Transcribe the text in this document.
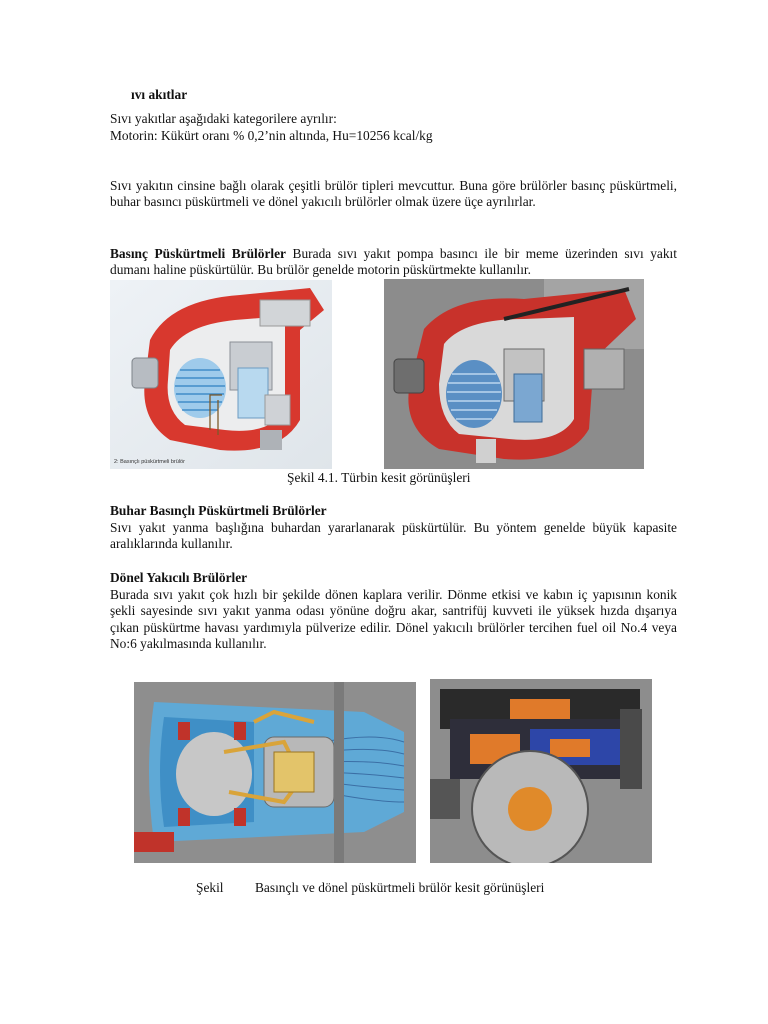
ıvı akıtlar

Sıvı yakıtlar aşağıdaki kategorilere ayrılır:

Motorin: Kükürt oranı % 0,2’nin altında, Hu=10256 kcal/kg

Sıvı yakıtın cinsine bağlı olarak çeşitli brülör tipleri mevcuttur. Buna göre brülörler basınç püskürtmeli, buhar basıncı püskürtmeli ve dönel yakıcılı brülörler olmak üzere üçe ayrılırlar.

Basınç Püskürtmeli Brülörler Burada sıvı yakıt pompa basıncı ile bir meme üzerinden sıvı yakıt dumanı haline püskürtülür. Bu brülör genelde motorin püskürtmekte kullanılır.

2: Basınçlı püskürtmeli brülör

Şekil 4.1. Türbin kesit görünüşleri

Buhar Basınçlı Püskürtmeli Brülörler

Sıvı yakıt yanma başlığına buhardan yararlanarak püskürtülür. Bu yöntem genelde büyük kapasite aralıklarında kullanılır.

Dönel Yakıcılı Brülörler

Burada sıvı yakıt çok hızlı bir şekilde dönen kaplara verilir. Dönme etkisi ve kabın iç yapısının konik şekli sayesinde sıvı yakıt yanma odası yönüne doğru akar, santrifüj kuvveti ile yüksek hızda dışarıya çıkan püskürtme havası yardımıyla pülverize edilir. Dönel yakıcılı brülörler tercihen fuel oil No.4 veya No:6 yakılmasında kullanılır.

Şekil Basınçlı ve dönel püskürtmeli brülör kesit görünüşleri
